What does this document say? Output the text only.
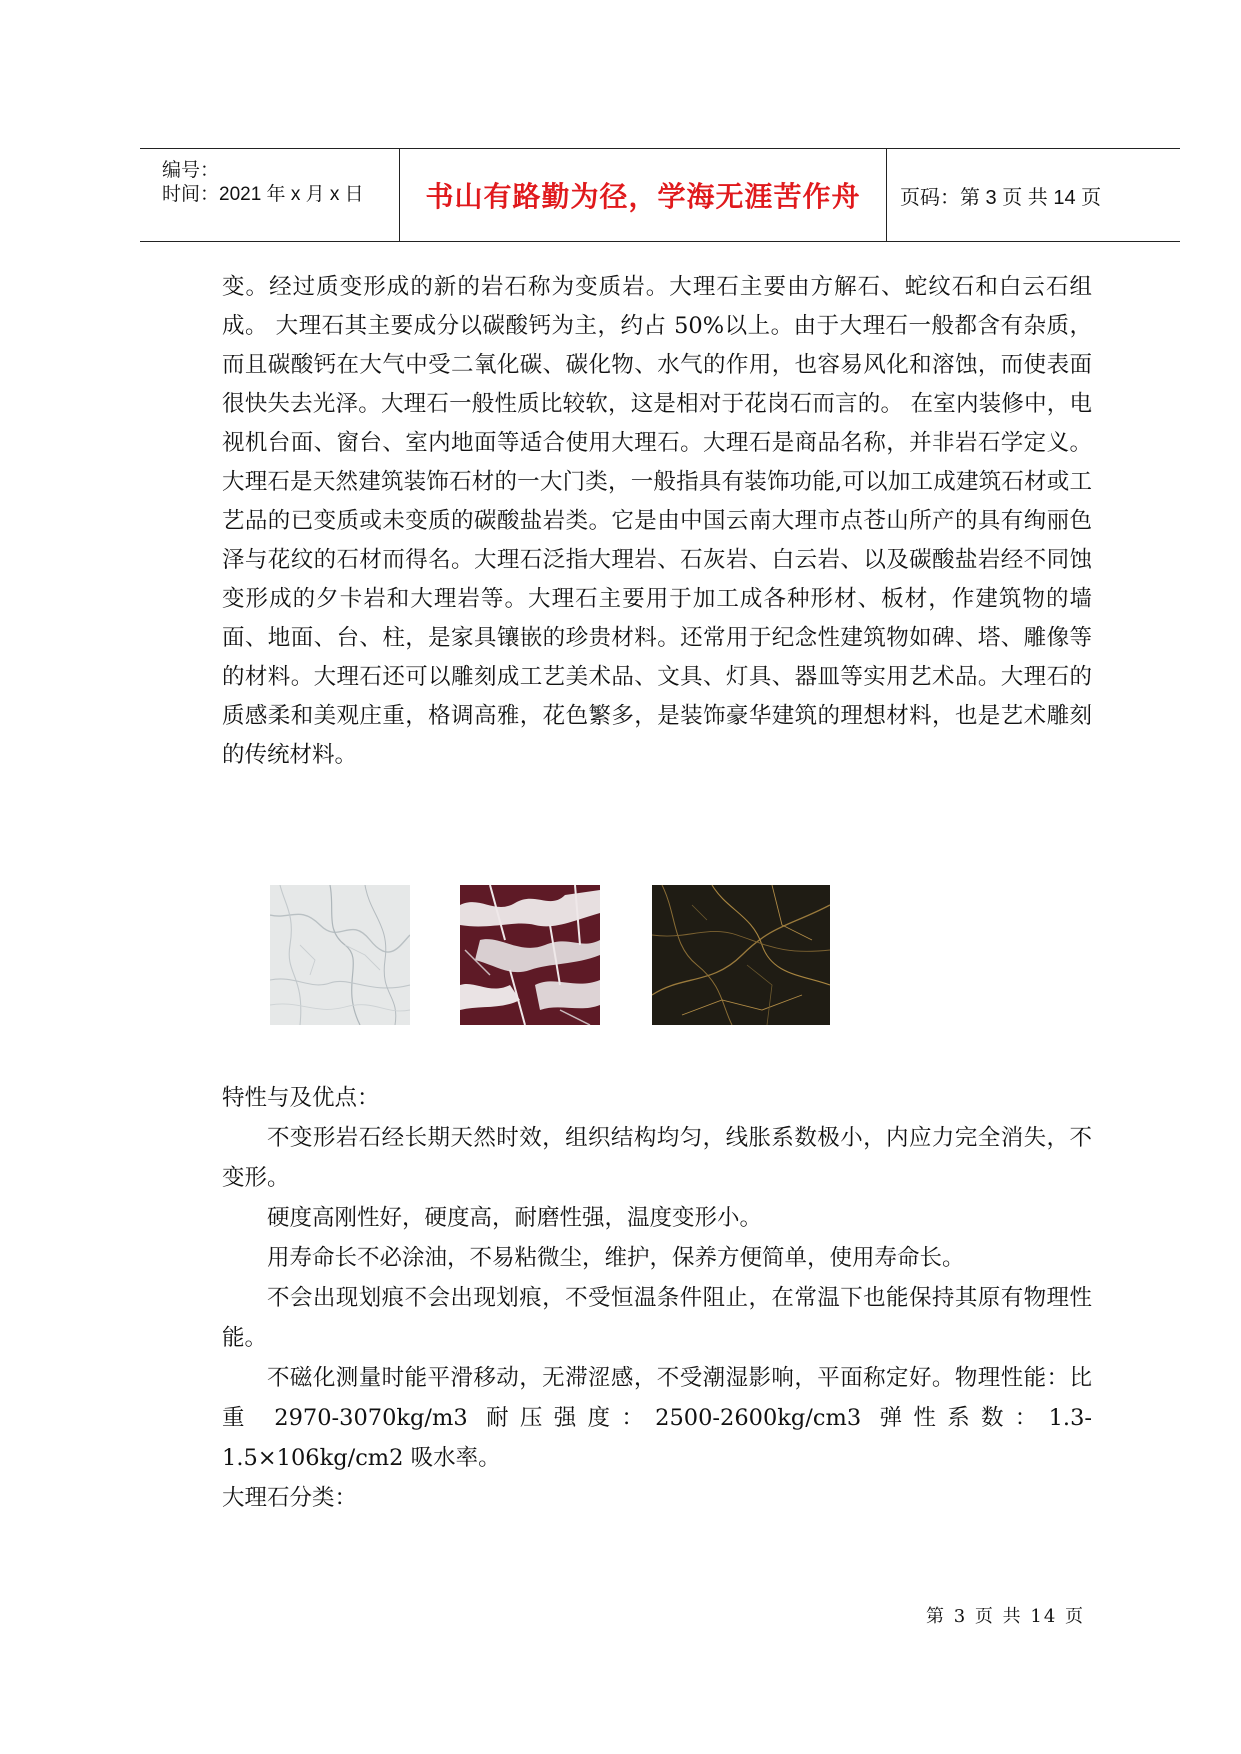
编号：
时间：2021 年 x 月 x 日 书山有路勤为径，学海无涯苦作舟 页码：第 3 页 共 14 页

变。经过质变形成的新的岩石称为变质岩。大理石主要由方解石、蛇纹石和白云石组成。 大理石其主要成分以碳酸钙为主，约占 50%以上。由于大理石一般都含有杂质，而且碳酸钙在大气中受二氧化碳、碳化物、水气的作用，也容易风化和溶蚀，而使表面很快失去光泽。大理石一般性质比较软，这是相对于花岗石而言的。 在室内装修中，电视机台面、窗台、室内地面等适合使用大理石。大理石是商品名称，并非岩石学定义。大理石是天然建筑装饰石材的一大门类，一般指具有装饰功能,可以加工成建筑石材或工艺品的已变质或未变质的碳酸盐岩类。它是由中国云南大理市点苍山所产的具有绚丽色泽与花纹的石材而得名。大理石泛指大理岩、石灰岩、白云岩、以及碳酸盐岩经不同蚀变形成的夕卡岩和大理岩等。大理石主要用于加工成各种形材、板材，作建筑物的墙面、地面、台、柱，是家具镶嵌的珍贵材料。还常用于纪念性建筑物如碑、塔、雕像等的材料。大理石还可以雕刻成工艺美术品、文具、灯具、器皿等实用艺术品。大理石的质感柔和美观庄重，格调高雅，花色繁多，是装饰豪华建筑的理想材料，也是艺术雕刻的传统材料。

特性与及优点：

不变形岩石经长期天然时效，组织结构均匀，线胀系数极小，内应力完全消失，不变形。

硬度高刚性好，硬度高，耐磨性强，温度变形小。

用寿命长不必涂油，不易粘微尘，维护，保养方便简单，使用寿命长。

不会出现划痕不会出现划痕，不受恒温条件阻止，在常温下也能保持其原有物理性能。

不磁化测量时能平滑移动，无滞涩感，不受潮湿影响，平面称定好。物理性能：比重 2970-3070kg/m3 耐压强度：2500-2600kg/cm3 弹性系数：1.3-1.5×106kg/cm2 吸水率。

大理石分类：

第 3 页 共 14 页
